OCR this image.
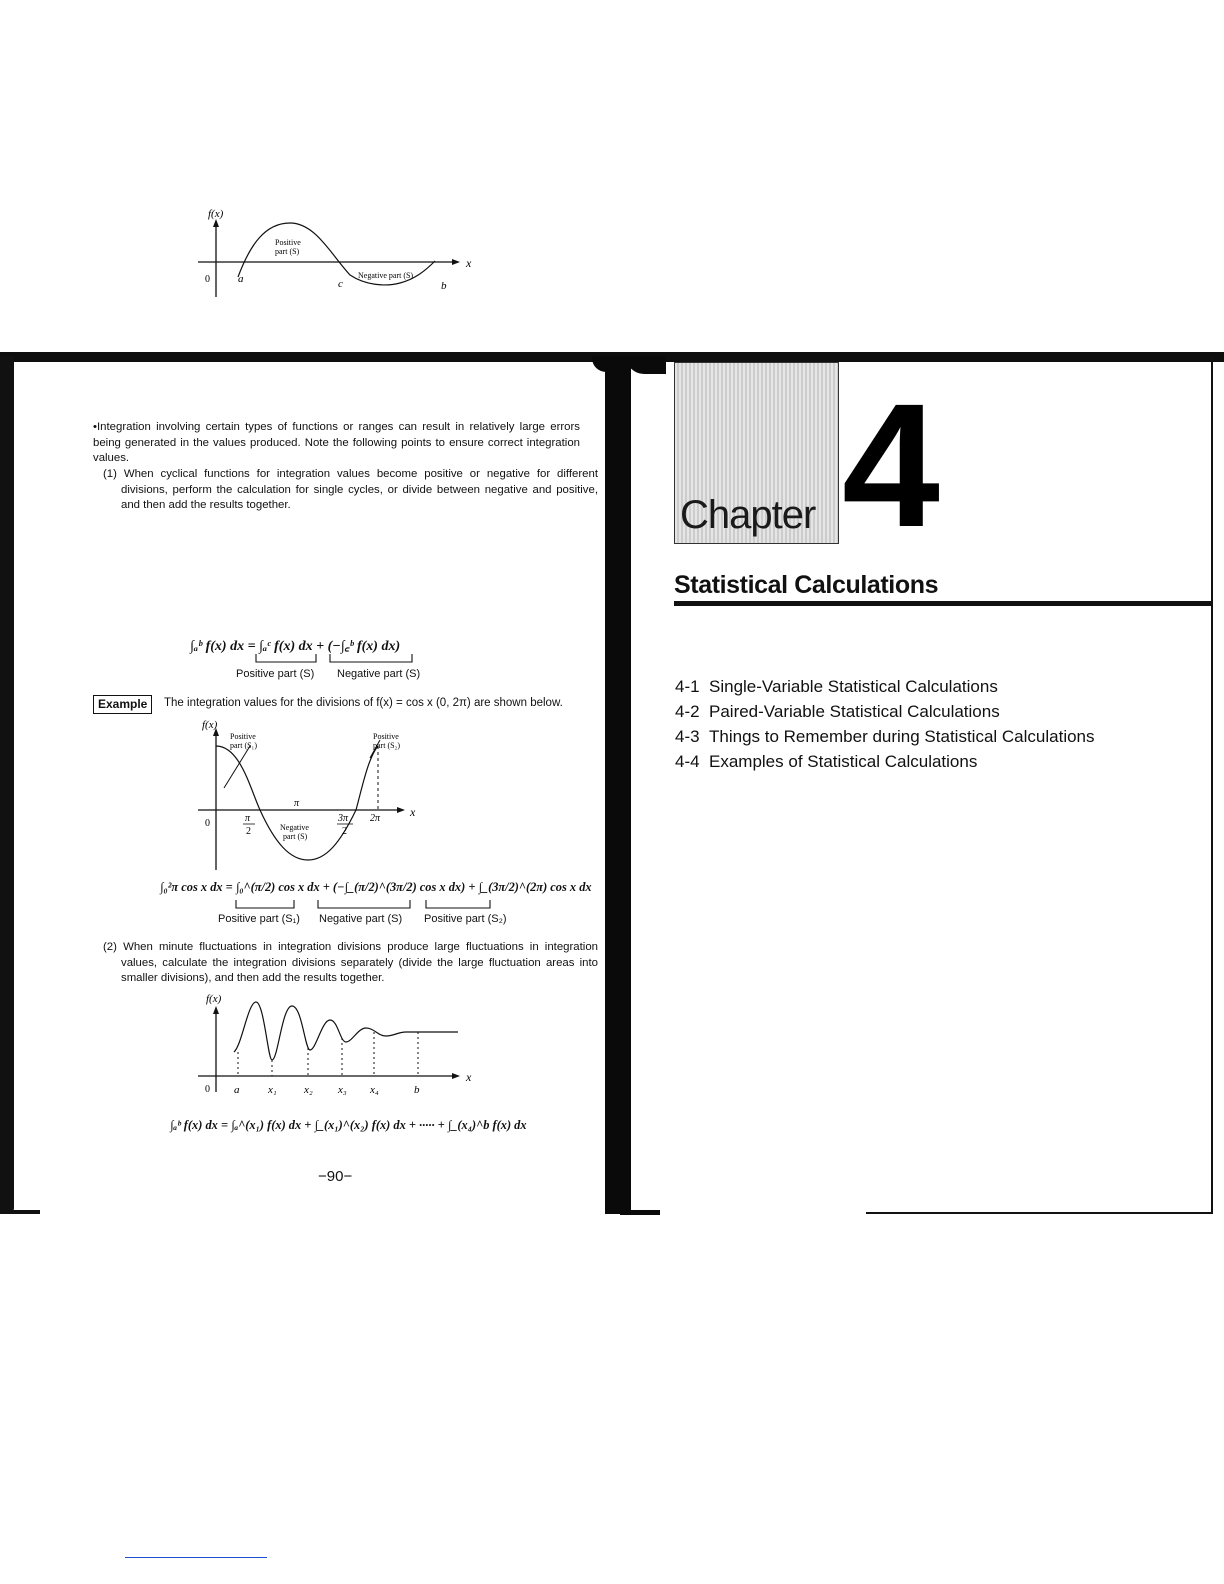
•Integration involving certain types of functions or ranges can result in relatively large errors being generated in the values produced. Note the following points to ensure correct integration values.
(1) When cyclical functions for integration values become positive or negative for different divisions, perform the calculation for single cycles, or divide between negative and positive, and then add the results together.
f(x)
x
0	a	c	b
Positive
part (S)
Negative part (S)
∫ₐᵇ f(x) dx = ∫ₐᶜ f(x) dx + (−∫꜀ᵇ f(x) dx)
Positive part (S) Negative part (S)
Example	The integration values for the divisions of f(x) = cos x (0, 2π) are shown below.
f(x)
x
0
Positive
part (S₁)
Positive
part (S₂)
Negative
part (S)
π
π
2
3π
2
2π
∫₀²π cos x dx = ∫₀^(π/2) cos x dx + (−∫_(π/2)^(3π/2) cos x dx) + ∫_(3π/2)^(2π) cos x dx
Positive part (S₁) Negative part (S) Positive part (S₂)
(2) When minute fluctuations in integration divisions produce large fluctuations in integration values, calculate the integration divisions separately (divide the large fluctuation areas into smaller divisions), and then add the results together.
f(x)
x
0 a	x₁ x₂ x₃ x₄	b
∫ₐᵇ f(x) dx = ∫ₐ^(x₁) f(x) dx + ∫_(x₁)^(x₂) f(x) dx + ····· + ∫_(x₄)^b f(x) dx
−90−
Chapter 4
Statistical Calculations
4-1 Single-Variable Statistical Calculations
4-2 Paired-Variable Statistical Calculations
4-3 Things to Remember during Statistical Calculations
4-4 Examples of Statistical Calculations
